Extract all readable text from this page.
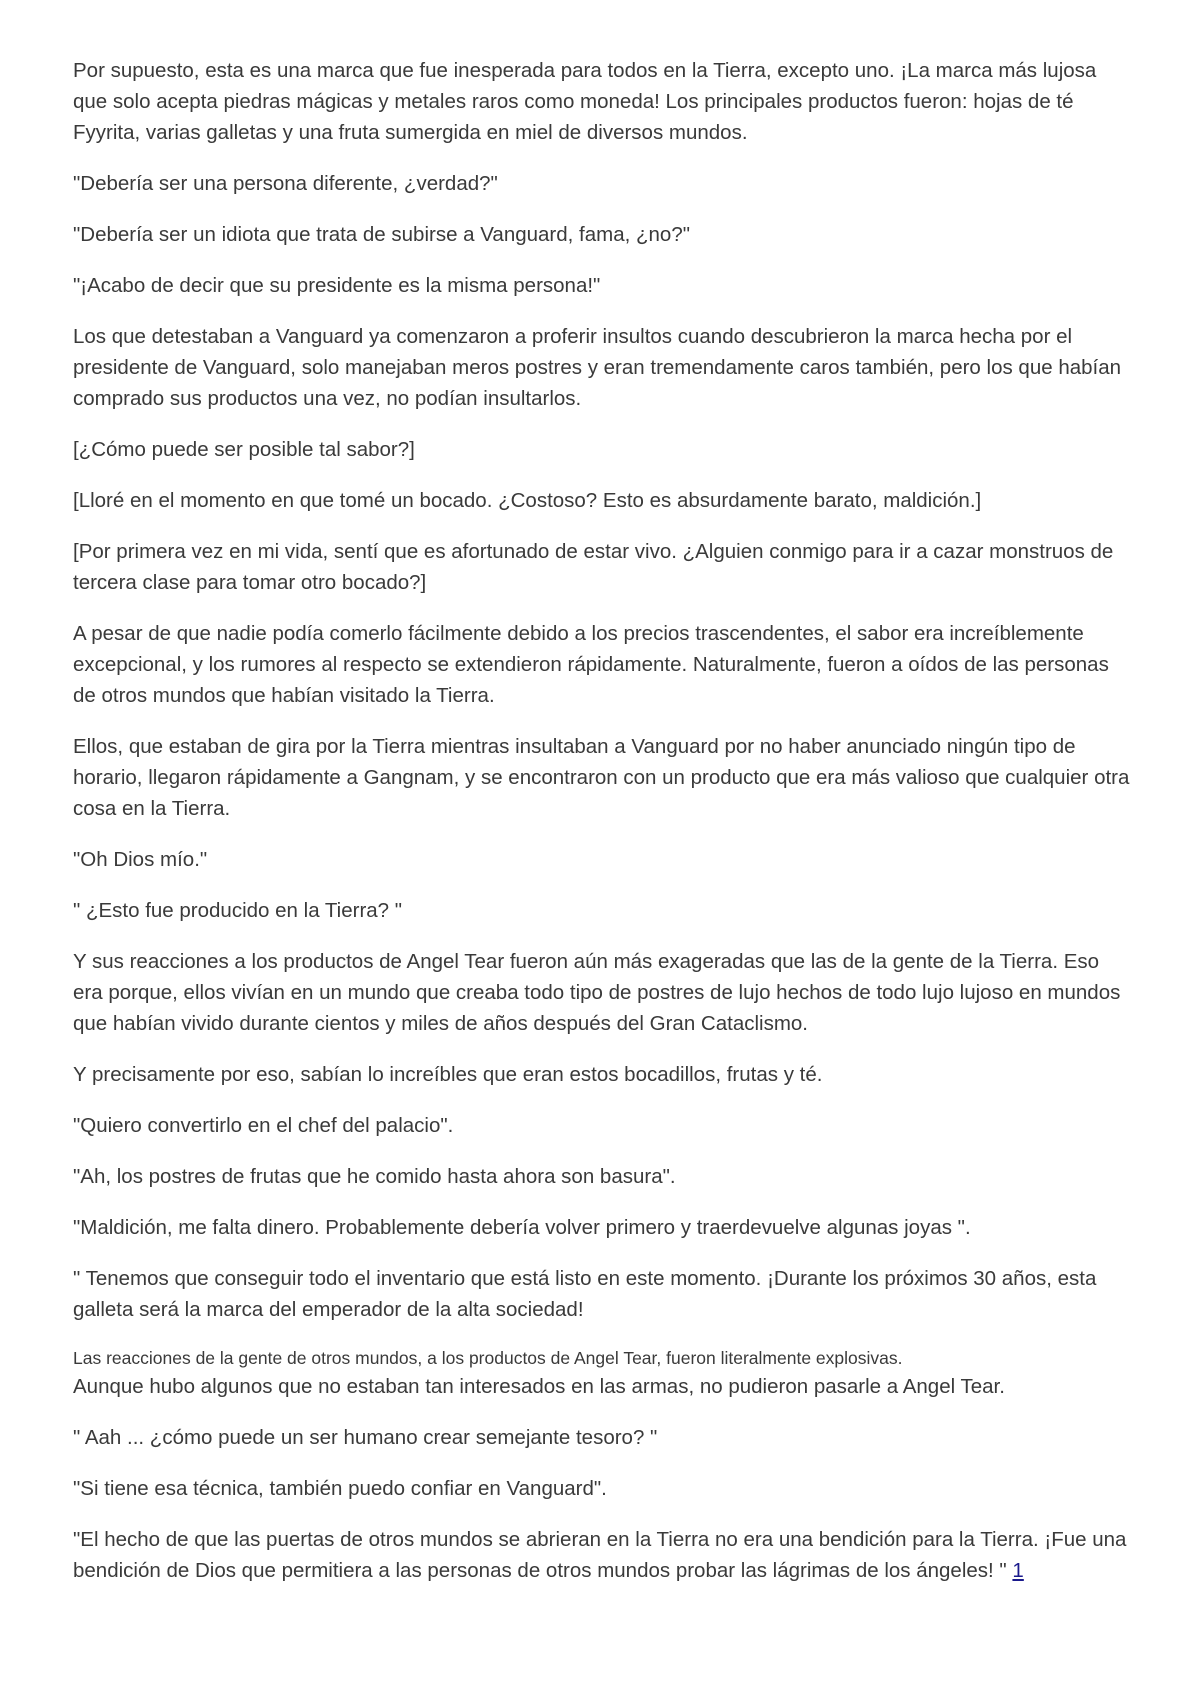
Por supuesto, esta es una marca que fue inesperada para todos en la Tierra, excepto uno. ¡La marca más lujosa que solo acepta piedras mágicas y metales raros como moneda! Los principales productos fueron: hojas de té Fyyrita, varias galletas y una fruta sumergida en miel de diversos mundos.

"Debería ser una persona diferente, ¿verdad?"

"Debería ser un idiota que trata de subirse a Vanguard, fama, ¿no?"

"¡Acabo de decir que su presidente es la misma persona!"

Los que detestaban a Vanguard ya comenzaron a proferir insultos cuando descubrieron la marca hecha por el presidente de Vanguard, solo manejaban meros postres y eran tremendamente caros también, pero los que habían comprado sus productos una vez, no podían insultarlos.

[¿Cómo puede ser posible tal sabor?]

[Lloré en el momento en que tomé un bocado. ¿Costoso? Esto es absurdamente barato, maldición.]

[Por primera vez en mi vida, sentí que es afortunado de estar vivo. ¿Alguien conmigo para ir a cazar monstruos de tercera clase para tomar otro bocado?]

A pesar de que nadie podía comerlo fácilmente debido a los precios trascendentes, el sabor era increíblemente excepcional, y los rumores al respecto se extendieron rápidamente. Naturalmente, fueron a oídos de las personas de otros mundos que habían visitado la Tierra.

Ellos, que estaban de gira por la Tierra mientras insultaban a Vanguard por no haber anunciado ningún tipo de horario, llegaron rápidamente a Gangnam, y se encontraron con un producto que era más valioso que cualquier otra cosa en la Tierra.

"Oh Dios mío."

" ¿Esto fue producido en la Tierra? "

Y sus reacciones a los productos de Angel Tear fueron aún más exageradas que las de la gente de la Tierra. Eso era porque, ellos vivían en un mundo que creaba todo tipo de postres de lujo hechos de todo lujo lujoso en mundos que habían vivido durante cientos y miles de años después del Gran Cataclismo.

Y precisamente por eso, sabían lo increíbles que eran estos bocadillos, frutas y té.

"Quiero convertirlo en el chef del palacio".

"Ah, los postres de frutas que he comido hasta ahora son basura".

"Maldición, me falta dinero. Probablemente debería volver primero y traerdevuelve algunas joyas ".

" Tenemos que conseguir todo el inventario que está listo en este momento. ¡Durante los próximos 30 años, esta galleta será la marca del emperador de la alta sociedad!

Las reacciones de la gente de otros mundos, a los productos de Angel Tear, fueron literalmente explosivas.

Aunque hubo algunos que no estaban tan interesados en las armas, no pudieron pasarle a Angel Tear.

" Aah ... ¿cómo puede un ser humano crear semejante tesoro? "

"Si tiene esa técnica, también puedo confiar en Vanguard".

"El hecho de que las puertas de otros mundos se abrieran en la Tierra no era una bendición para la Tierra. ¡Fue una bendición de Dios que permitiera a las personas de otros mundos probar las lágrimas de los ángeles! " 1
